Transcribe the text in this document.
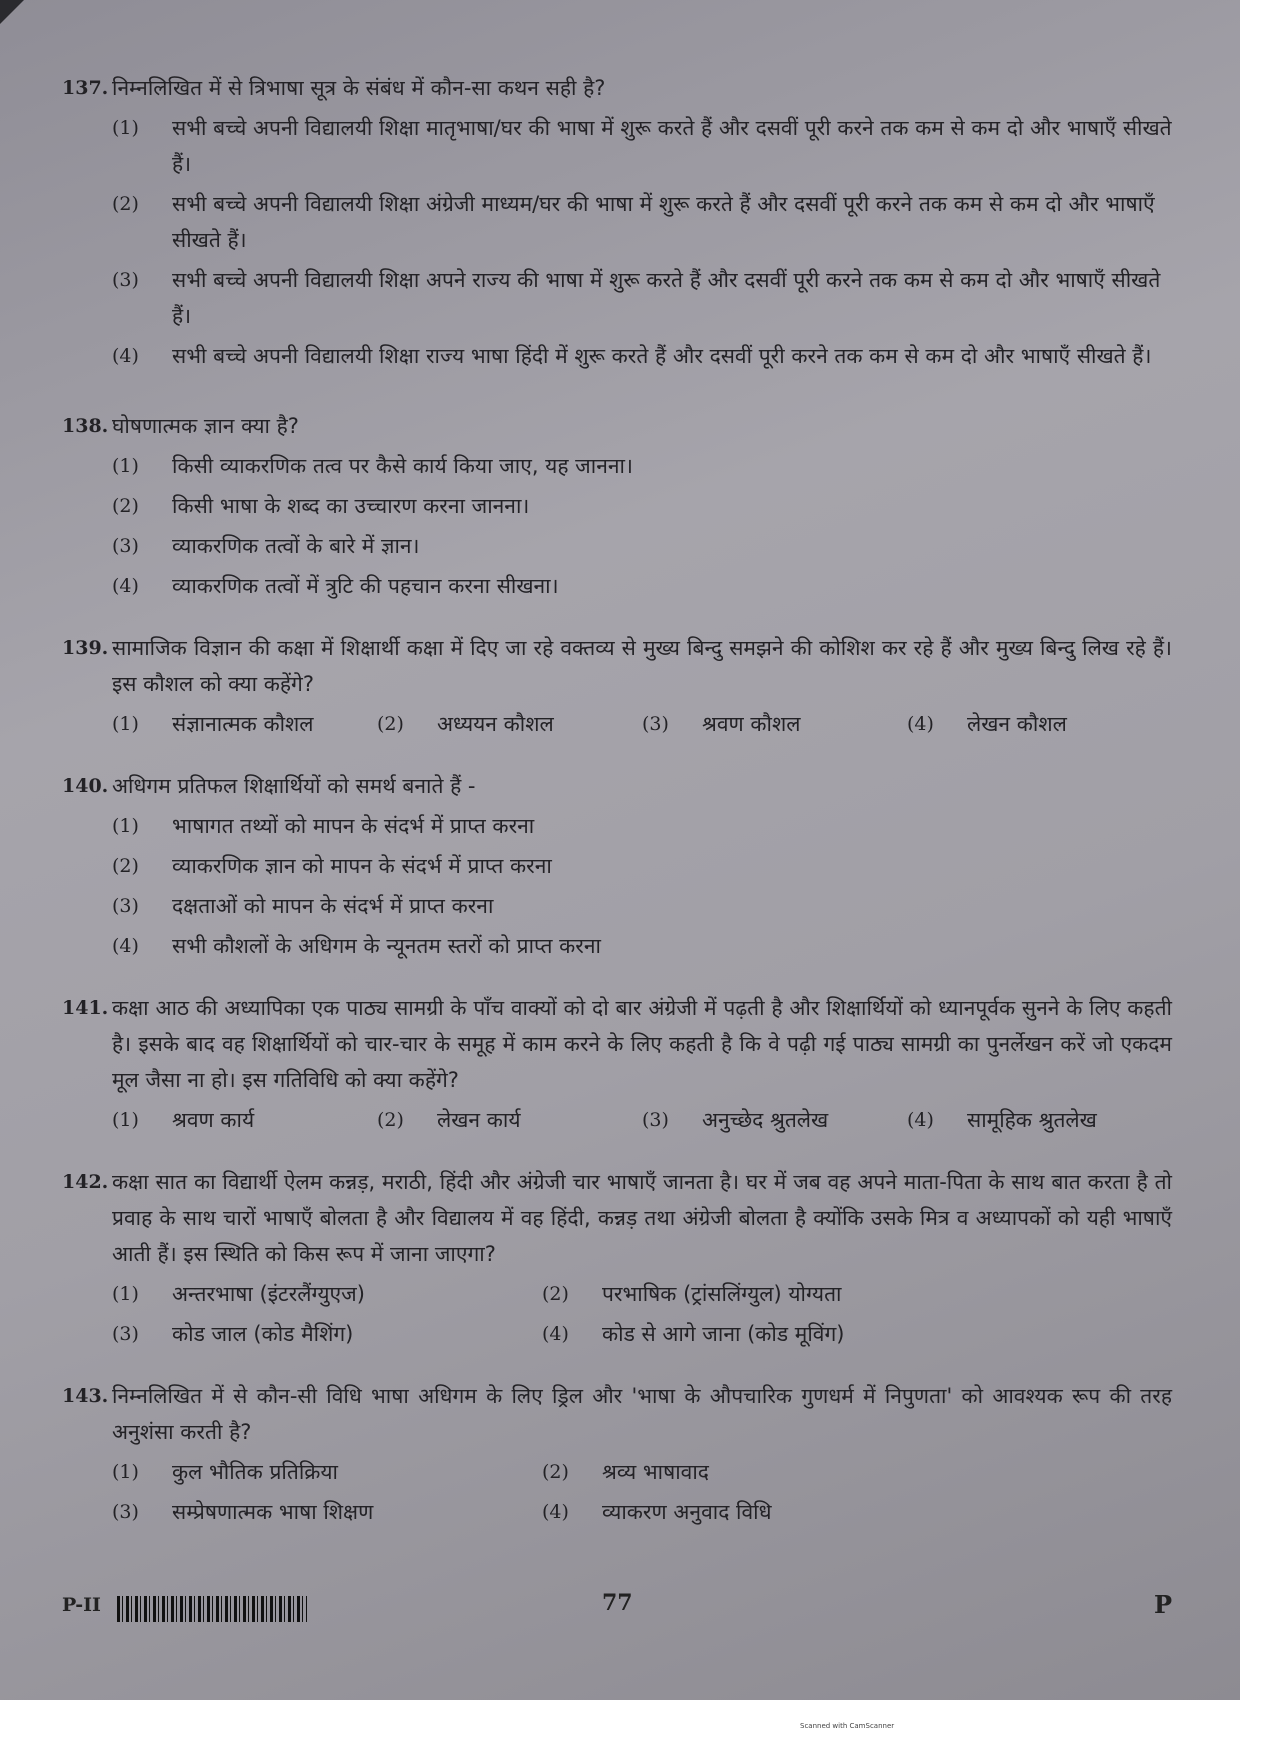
137. निम्नलिखित में से त्रिभाषा सूत्र के संबंध में कौन-सा कथन सही है?
(1) सभी बच्चे अपनी विद्यालयी शिक्षा मातृभाषा/घर की भाषा में शुरू करते हैं और दसवीं पूरी करने तक कम से कम दो और भाषाएँ सीखते हैं।
(2) सभी बच्चे अपनी विद्यालयी शिक्षा अंग्रेजी माध्यम/घर की भाषा में शुरू करते हैं और दसवीं पूरी करने तक कम से कम दो और भाषाएँ सीखते हैं।
(3) सभी बच्चे अपनी विद्यालयी शिक्षा अपने राज्य की भाषा में शुरू करते हैं और दसवीं पूरी करने तक कम से कम दो और भाषाएँ सीखते हैं।
(4) सभी बच्चे अपनी विद्यालयी शिक्षा राज्य भाषा हिंदी में शुरू करते हैं और दसवीं पूरी करने तक कम से कम दो और भाषाएँ सीखते हैं।
138. घोषणात्मक ज्ञान क्या है?
(1) किसी व्याकरणिक तत्व पर कैसे कार्य किया जाए, यह जानना।
(2) किसी भाषा के शब्द का उच्चारण करना जानना।
(3) व्याकरणिक तत्वों के बारे में ज्ञान।
(4) व्याकरणिक तत्वों में त्रुटि की पहचान करना सीखना।
139. सामाजिक विज्ञान की कक्षा में शिक्षार्थी कक्षा में दिए जा रहे वक्तव्य से मुख्य बिन्दु समझने की कोशिश कर रहे हैं और मुख्य बिन्दु लिख रहे हैं। इस कौशल को क्या कहेंगे?
(1) संज्ञानात्मक कौशल	(2) अध्ययन कौशल	(3) श्रवण कौशल	(4) लेखन कौशल
140. अधिगम प्रतिफल शिक्षार्थियों को समर्थ बनाते हैं -
(1) भाषागत तथ्यों को मापन के संदर्भ में प्राप्त करना
(2) व्याकरणिक ज्ञान को मापन के संदर्भ में प्राप्त करना
(3) दक्षताओं को मापन के संदर्भ में प्राप्त करना
(4) सभी कौशलों के अधिगम के न्यूनतम स्तरों को प्राप्त करना
141. कक्षा आठ की अध्यापिका एक पाठ्य सामग्री के पाँच वाक्यों को दो बार अंग्रेजी में पढ़ती है और शिक्षार्थियों को ध्यानपूर्वक सुनने के लिए कहती है। इसके बाद वह शिक्षार्थियों को चार-चार के समूह में काम करने के लिए कहती है कि वे पढ़ी गई पाठ्य सामग्री का पुनर्लेखन करें जो एकदम मूल जैसा ना हो। इस गतिविधि को क्या कहेंगे?
(1) श्रवण कार्य	(2) लेखन कार्य	(3) अनुच्छेद श्रुतलेख	(4) सामूहिक श्रुतलेख
142. कक्षा सात का विद्यार्थी ऐलम कन्नड़, मराठी, हिंदी और अंग्रेजी चार भाषाएँ जानता है। घर में जब वह अपने माता-पिता के साथ बात करता है तो प्रवाह के साथ चारों भाषाएँ बोलता है और विद्यालय में वह हिंदी, कन्नड़ तथा अंग्रेजी बोलता है क्योंकि उसके मित्र व अध्यापकों को यही भाषाएँ आती हैं। इस स्थिति को किस रूप में जाना जाएगा?
(1) अन्तरभाषा (इंटरलैंग्युएज)	(2) परभाषिक (ट्रांसलिंग्युल) योग्यता
(3) कोड जाल (कोड मैशिंग)	(4) कोड से आगे जाना (कोड मूविंग)
143. निम्नलिखित में से कौन-सी विधि भाषा अधिगम के लिए ड्रिल और 'भाषा के औपचारिक गुणधर्म में निपुणता' को आवश्यक रूप की तरह अनुशंसा करती है?
(1) कुल भौतिक प्रतिक्रिया	(2) श्रव्य भाषावाद
(3) सम्प्रेषणात्मक भाषा शिक्षण	(4) व्याकरण अनुवाद विधि
P-II	77	P
Scanned with CamScanner
